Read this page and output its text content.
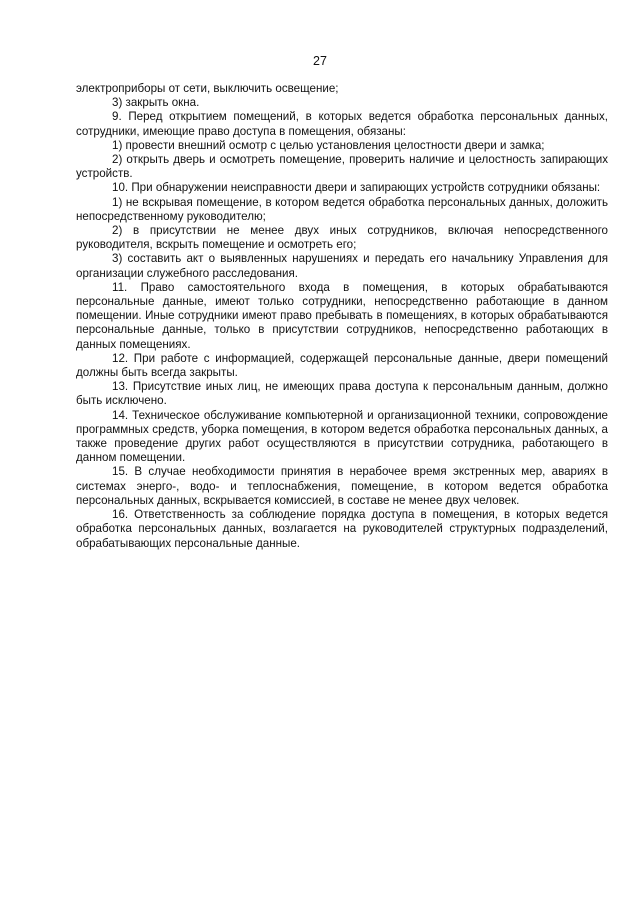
27

электроприборы от сети, выключить освещение;

3) закрыть окна.

9. Перед открытием помещений, в которых ведется обработка персональных данных, сотрудники, имеющие право доступа в помещения, обязаны:

1) провести внешний осмотр с целью установления целостности двери и замка;

2) открыть дверь и осмотреть помещение, проверить наличие и целостность запирающих устройств.

10. При обнаружении неисправности двери и запирающих устройств сотрудники обязаны:

1) не вскрывая помещение, в котором ведется обработка персональных данных, доложить непосредственному руководителю;

2) в присутствии не менее двух иных сотрудников, включая непосредственного руководителя, вскрыть помещение и осмотреть его;

3) составить акт о выявленных нарушениях и передать его начальнику Управления для организации служебного расследования.

11. Право самостоятельного входа в помещения, в которых обрабатываются персональные данные, имеют только сотрудники, непосредственно работающие в данном помещении. Иные сотрудники имеют право пребывать в помещениях, в которых обрабатываются персональные данные, только в присутствии сотрудников, непосредственно работающих в данных помещениях.

12. При работе с информацией, содержащей персональные данные, двери помещений должны быть всегда закрыты.

13. Присутствие иных лиц, не имеющих права доступа к персональным данным, должно быть исключено.

14. Техническое обслуживание компьютерной и организационной техники, сопровождение программных средств, уборка помещения, в котором ведется обработка персональных данных, а также проведение других работ осуществляются в присутствии сотрудника, работающего в данном помещении.

15. В случае необходимости принятия в нерабочее время экстренных мер, авариях в системах энерго-, водо- и теплоснабжения, помещение, в котором ведется обработка персональных данных, вскрывается комиссией, в составе не менее двух человек.

16. Ответственность за соблюдение порядка доступа в помещения, в которых ведется обработка персональных данных, возлагается на руководителей структурных подразделений, обрабатывающих персональные данные.
